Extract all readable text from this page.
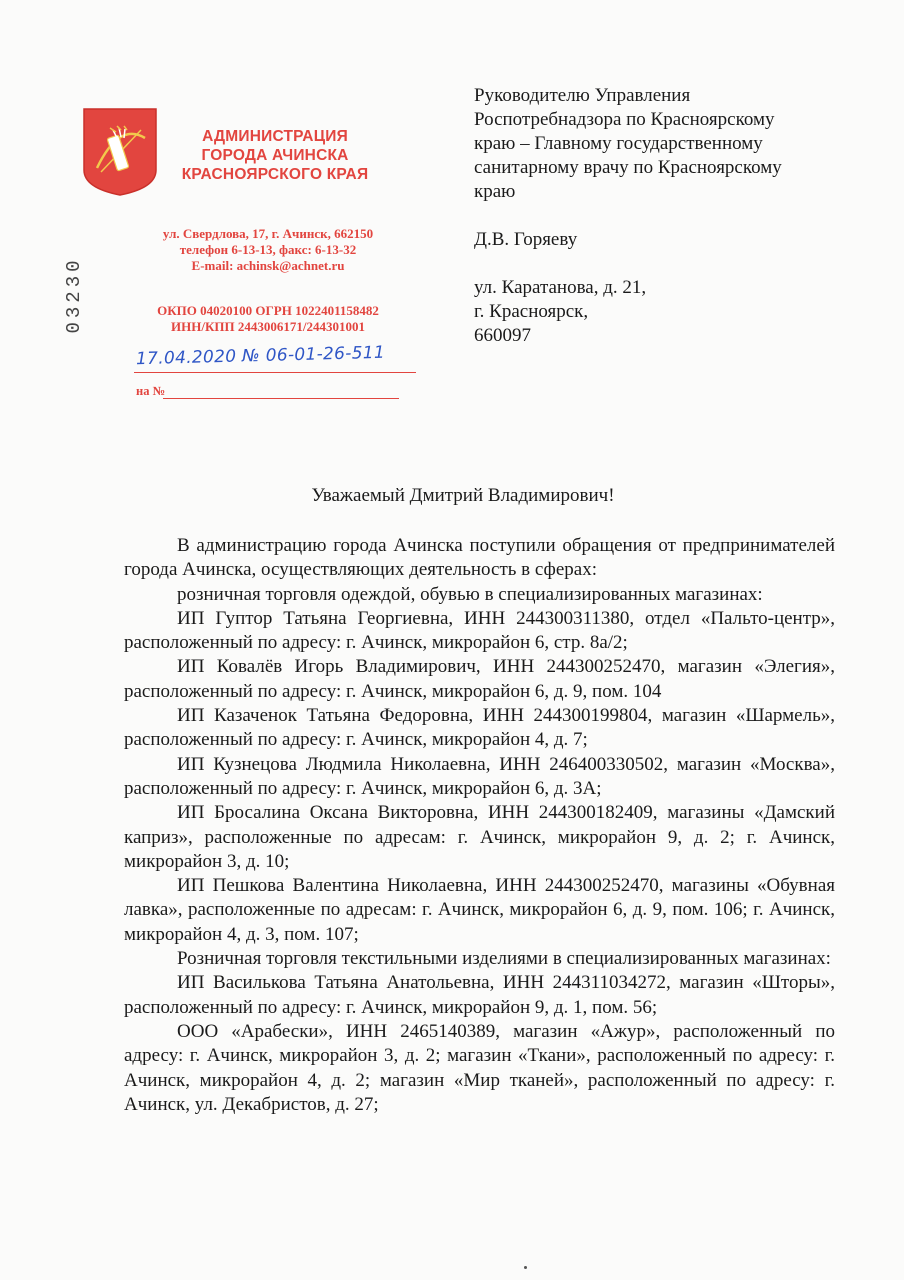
АДМИНИСТРАЦИЯ
ГОРОДА АЧИНСКА
КРАСНОЯРСКОГО КРАЯ
ул. Свердлова, 17, г. Ачинск, 662150
телефон 6-13-13, факс: 6-13-32
E-mail: achinsk@achnet.ru
ОКПО 04020100 ОГРН 1022401158482
ИНН/КПП 2443006171/244301001
03230
17.04.2020 № 06-01-26-511
на №
Руководителю Управления
Роспотребнадзора по Красноярскому
краю – Главному государственному
санитарному врачу по Красноярскому
краю
Д.В. Горяеву
ул. Каратанова, д. 21,
г. Красноярск,
660097
Уважаемый Дмитрий Владимирович!

В администрацию города Ачинска поступили обращения от предпринимателей города Ачинска, осуществляющих деятельность в сферах:

розничная торговля одеждой, обувью в специализированных магазинах:

ИП Гуптор Татьяна Георгиевна, ИНН 244300311380, отдел «Пальто-центр», расположенный по адресу: г. Ачинск, микрорайон 6, стр. 8а/2;

ИП Ковалёв Игорь Владимирович, ИНН 244300252470, магазин «Элегия», расположенный по адресу: г. Ачинск, микрорайон 6, д. 9, пом. 104

ИП Казаченок Татьяна Федоровна, ИНН 244300199804, магазин «Шармель», расположенный по адресу: г. Ачинск, микрорайон 4, д. 7;

ИП Кузнецова Людмила Николаевна, ИНН 246400330502, магазин «Москва», расположенный по адресу: г. Ачинск, микрорайон 6, д. 3А;

ИП Бросалина Оксана Викторовна, ИНН 244300182409, магазины «Дамский каприз», расположенные по адресам: г. Ачинск, микрорайон 9, д. 2; г. Ачинск, микрорайон 3, д. 10;

ИП Пешкова Валентина Николаевна, ИНН 244300252470, магазины «Обувная лавка», расположенные по адресам: г. Ачинск, микрорайон 6, д. 9, пом. 106; г. Ачинск, микрорайон 4, д. 3, пом. 107;

Розничная торговля текстильными изделиями в специализированных магазинах:

ИП Василькова Татьяна Анатольевна, ИНН 244311034272, магазин «Шторы», расположенный по адресу: г. Ачинск, микрорайон 9, д. 1, пом. 56;

ООО «Арабески», ИНН 2465140389, магазин «Ажур», расположенный по адресу: г. Ачинск, микрорайон 3, д. 2; магазин «Ткани», расположенный по адресу: г. Ачинск, микрорайон 4, д. 2; магазин «Мир тканей», расположенный по адресу: г. Ачинск, ул. Декабристов, д. 27;
